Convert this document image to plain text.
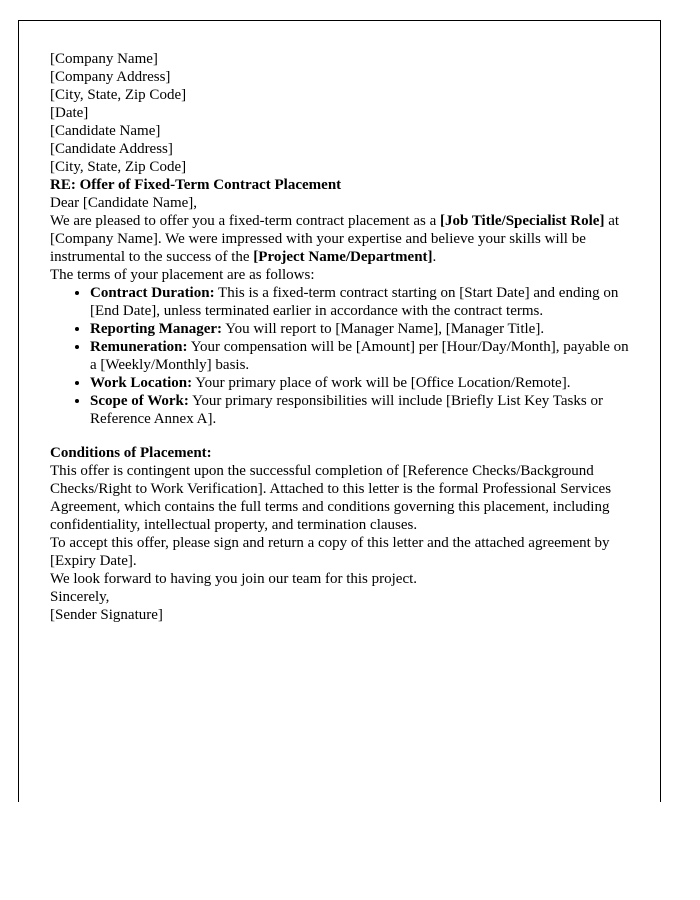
[Company Name]
[Company Address]
[City, State, Zip Code]
[Date]

[Candidate Name]
[Candidate Address]
[City, State, Zip Code]

RE: Offer of Fixed-Term Contract Placement

Dear [Candidate Name],

We are pleased to offer you a fixed-term contract placement as a [Job Title/Specialist Role] at [Company Name]. We were impressed with your expertise and believe your skills will be instrumental to the success of the [Project Name/Department].

The terms of your placement are as follows:

• Contract Duration: This is a fixed-term contract starting on [Start Date] and ending on [End Date], unless terminated earlier in accordance with the contract terms.
• Reporting Manager: You will report to [Manager Name], [Manager Title].
• Remuneration: Your compensation will be [Amount] per [Hour/Day/Month], payable on a [Weekly/Monthly] basis.
• Work Location: Your primary place of work will be [Office Location/Remote].
• Scope of Work: Your primary responsibilities will include [Briefly List Key Tasks or Reference Annex A].

Conditions of Placement:

This offer is contingent upon the successful completion of [Reference Checks/Background Checks/Right to Work Verification]. Attached to this letter is the formal Professional Services Agreement, which contains the full terms and conditions governing this placement, including confidentiality, intellectual property, and termination clauses.

To accept this offer, please sign and return a copy of this letter and the attached agreement by [Expiry Date].

We look forward to having you join our team for this project.

Sincerely,

[Sender Signature]
